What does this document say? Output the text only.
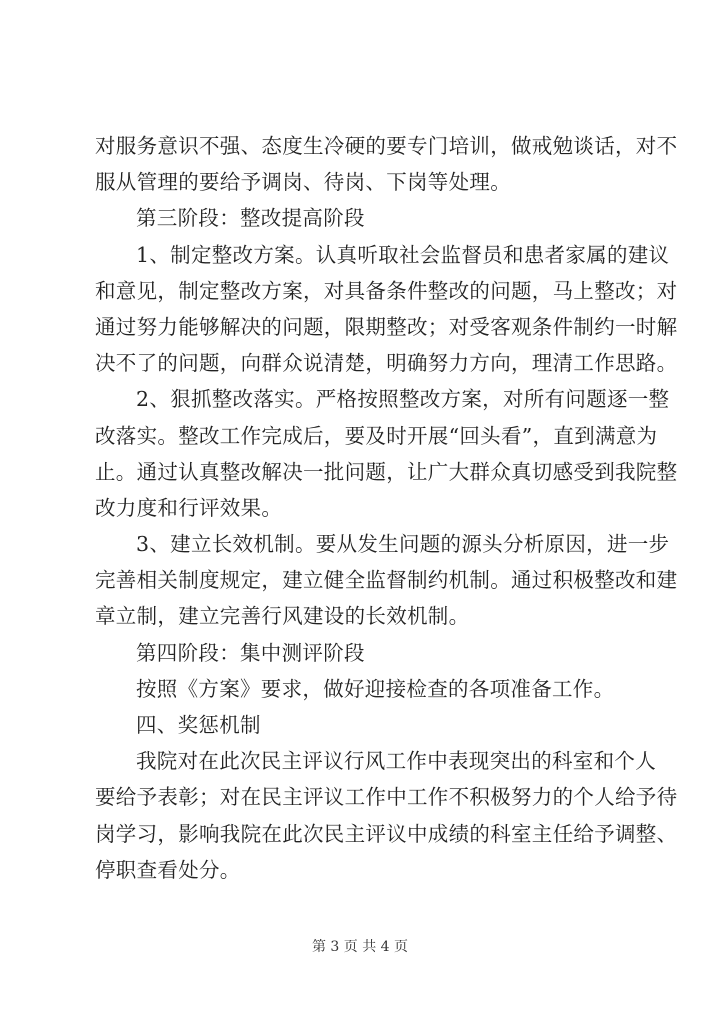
对服务意识不强、态度生冷硬的要专门培训，做戒勉谈话，对不
服从管理的要给予调岗、待岗、下岗等处理。
第三阶段：整改提高阶段
1、制定整改方案。认真听取社会监督员和患者家属的建议
和意见，制定整改方案，对具备条件整改的问题，马上整改；对
通过努力能够解决的问题，限期整改；对受客观条件制约一时解
决不了的问题，向群众说清楚，明确努力方向，理清工作思路。
2、狠抓整改落实。严格按照整改方案，对所有问题逐一整
改落实。整改工作完成后，要及时开展“回头看”，直到满意为
止。通过认真整改解决一批问题，让广大群众真切感受到我院整
改力度和行评效果。
3、建立长效机制。要从发生问题的源头分析原因，进一步
完善相关制度规定，建立健全监督制约机制。通过积极整改和建
章立制，建立完善行风建设的长效机制。
第四阶段：集中测评阶段
按照《方案》要求，做好迎接检查的各项准备工作。
四、奖惩机制
我院对在此次民主评议行风工作中表现突出的科室和个人
要给予表彰；对在民主评议工作中工作不积极努力的个人给予待
岗学习，影响我院在此次民主评议中成绩的科室主任给予调整、
停职查看处分。
第 3 页 共 4 页
